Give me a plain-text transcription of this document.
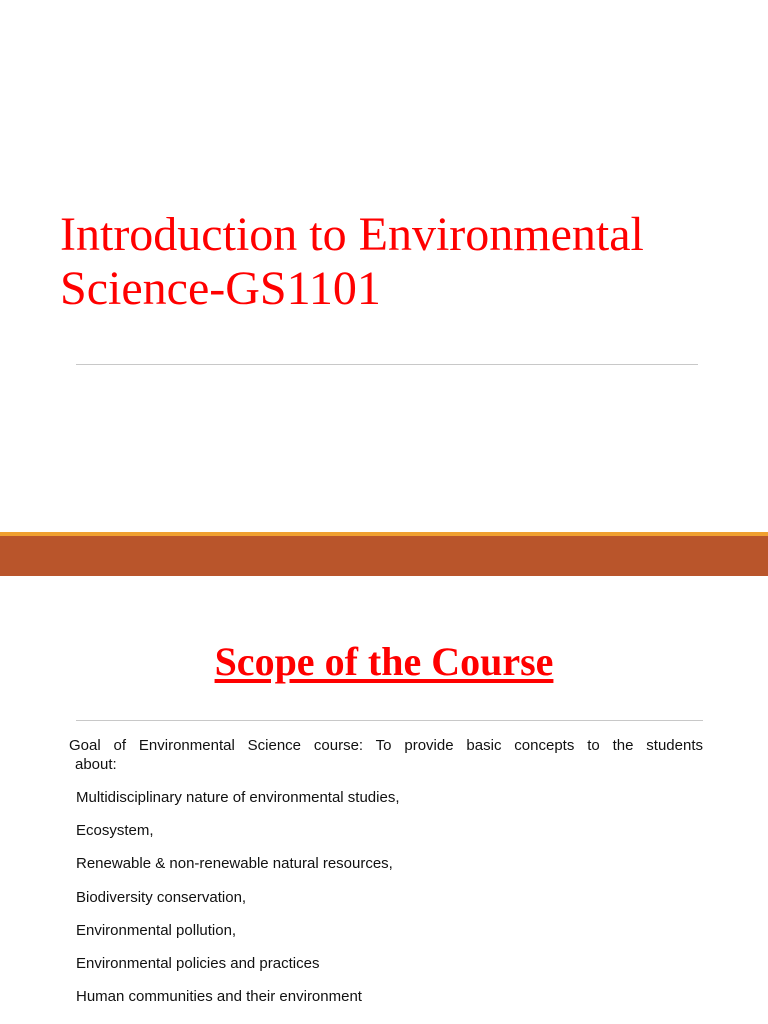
Introduction to Environmental
Science-GS1101
Scope of the Course

Goal of Environmental Science course: To provide basic concepts to the students
about:

Multidisciplinary nature of environmental studies,
Ecosystem,
Renewable & non-renewable natural resources,
Biodiversity conservation,
Environmental pollution,
Environmental policies and practices
Human communities and their environment
